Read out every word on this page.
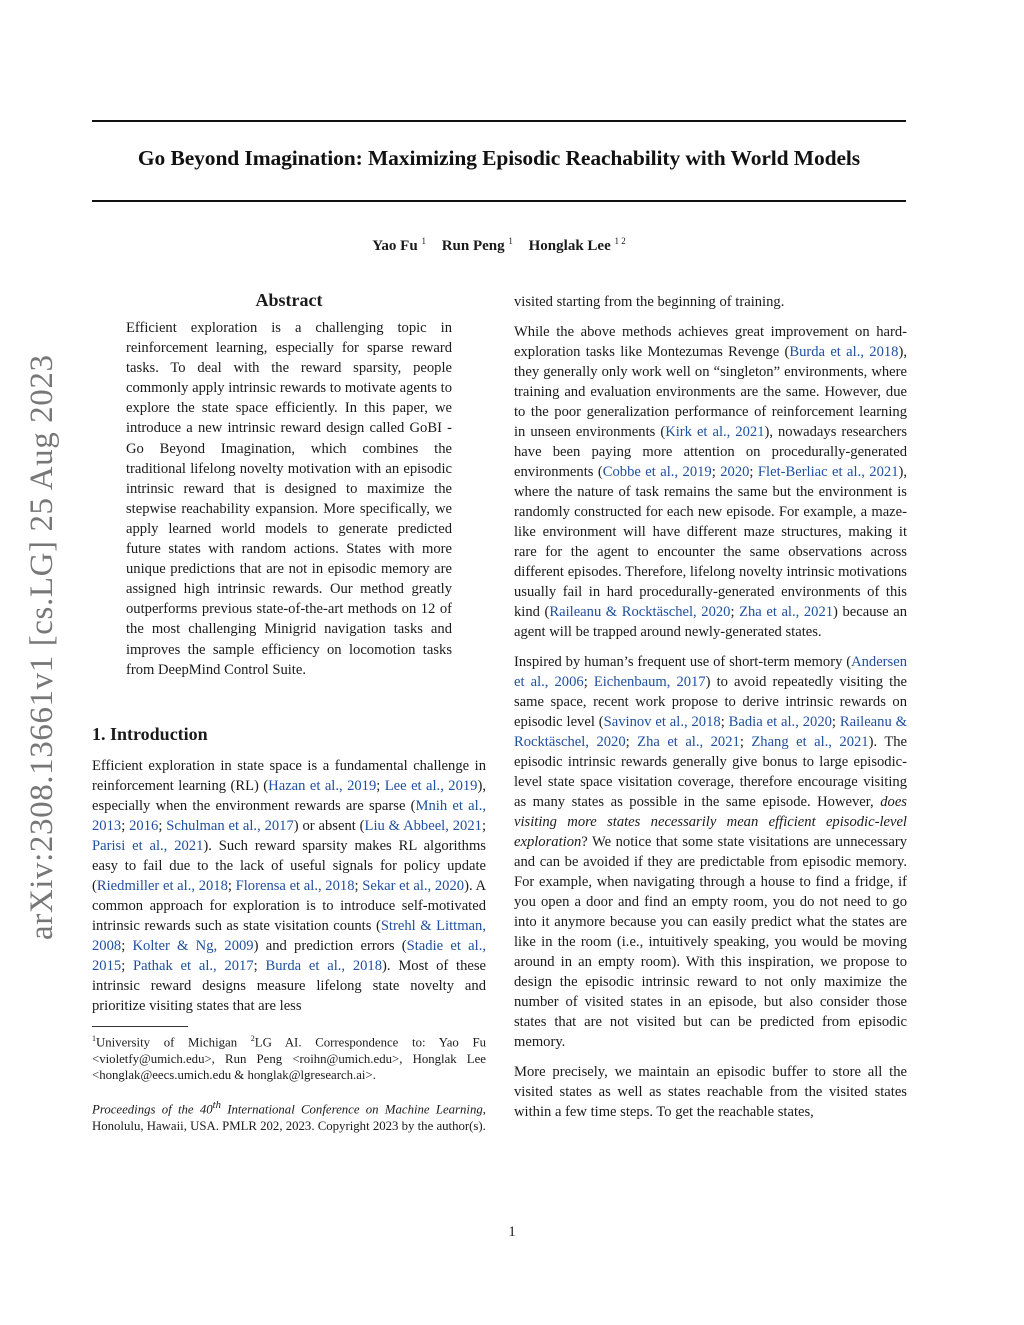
Go Beyond Imagination: Maximizing Episodic Reachability with World Models
Yao Fu $^1$ Run Peng $^1$ Honglak Lee $^{1 2}$
arXiv:2308.13661v1 [cs.LG] 25 Aug 2023
Abstract
Efficient exploration is a challenging topic in reinforcement learning, especially for sparse reward tasks. To deal with the reward sparsity, people commonly apply intrinsic rewards to motivate agents to explore the state space efficiently. In this paper, we introduce a new intrinsic reward design called GoBI - Go Beyond Imagination, which combines the traditional lifelong novelty motivation with an episodic intrinsic reward that is designed to maximize the stepwise reachability expansion. More specifically, we apply learned world models to generate predicted future states with random actions. States with more unique predictions that are not in episodic memory are assigned high intrinsic rewards. Our method greatly outperforms previous state-of-the-art methods on 12 of the most challenging Minigrid navigation tasks and improves the sample efficiency on locomotion tasks from DeepMind Control Suite.
1. Introduction

Efficient exploration in state space is a fundamental challenge in reinforcement learning (RL) (Hazan et al., 2019; Lee et al., 2019), especially when the environment rewards are sparse (Mnih et al., 2013; 2016; Schulman et al., 2017) or absent (Liu & Abbeel, 2021; Parisi et al., 2021). Such reward sparsity makes RL algorithms easy to fail due to the lack of useful signals for policy update (Riedmiller et al., 2018; Florensa et al., 2018; Sekar et al., 2020). A common approach for exploration is to introduce self-motivated intrinsic rewards such as state visitation counts (Strehl & Littman, 2008; Kolter & Ng, 2009) and prediction errors (Stadie et al., 2015; Pathak et al., 2017; Burda et al., 2018). Most of these intrinsic reward designs measure lifelong state novelty and prioritize visiting states that are less

$^1$University of Michigan $^2$LG AI. Correspondence to: Yao Fu <violetfy@umich.edu>, Run Peng <roihn@umich.edu>, Honglak Lee <honglak@eecs.umich.edu & honglak@lgresearch.ai>.

Proceedings of the 40th International Conference on Machine Learning, Honolulu, Hawaii, USA. PMLR 202, 2023. Copyright 2023 by the author(s).

visited starting from the beginning of training.

While the above methods achieves great improvement on hard-exploration tasks like Montezumas Revenge (Burda et al., 2018), they generally only work well on “singleton” environments, where training and evaluation environments are the same. However, due to the poor generalization performance of reinforcement learning in unseen environments (Kirk et al., 2021), nowadays researchers have been paying more attention on procedurally-generated environments (Cobbe et al., 2019; 2020; Flet-Berliac et al., 2021), where the nature of task remains the same but the environment is randomly constructed for each new episode. For example, a maze-like environment will have different maze structures, making it rare for the agent to encounter the same observations across different episodes. Therefore, lifelong novelty intrinsic motivations usually fail in hard procedurally-generated environments of this kind (Raileanu & Rocktäschel, 2020; Zha et al., 2021) because an agent will be trapped around newly-generated states.

Inspired by human’s frequent use of short-term memory (Andersen et al., 2006; Eichenbaum, 2017) to avoid repeatedly visiting the same space, recent work propose to derive intrinsic rewards on episodic level (Savinov et al., 2018; Badia et al., 2020; Raileanu & Rocktäschel, 2020; Zha et al., 2021; Zhang et al., 2021). The episodic intrinsic rewards generally give bonus to large episodic-level state space visitation coverage, therefore encourage visiting as many states as possible in the same episode. However, does visiting more states necessarily mean efficient episodic-level exploration? We notice that some state visitations are unnecessary and can be avoided if they are predictable from episodic memory. For example, when navigating through a house to find a fridge, if you open a door and find an empty room, you do not need to go into it anymore because you can easily predict what the states are like in the room (i.e., intuitively speaking, you would be moving around in an empty room). With this inspiration, we propose to design the episodic intrinsic reward to not only maximize the number of visited states in an episode, but also consider those states that are not visited but can be predicted from episodic memory.

More precisely, we maintain an episodic buffer to store all the visited states as well as states reachable from the visited states within a few time steps. To get the reachable states,

1
